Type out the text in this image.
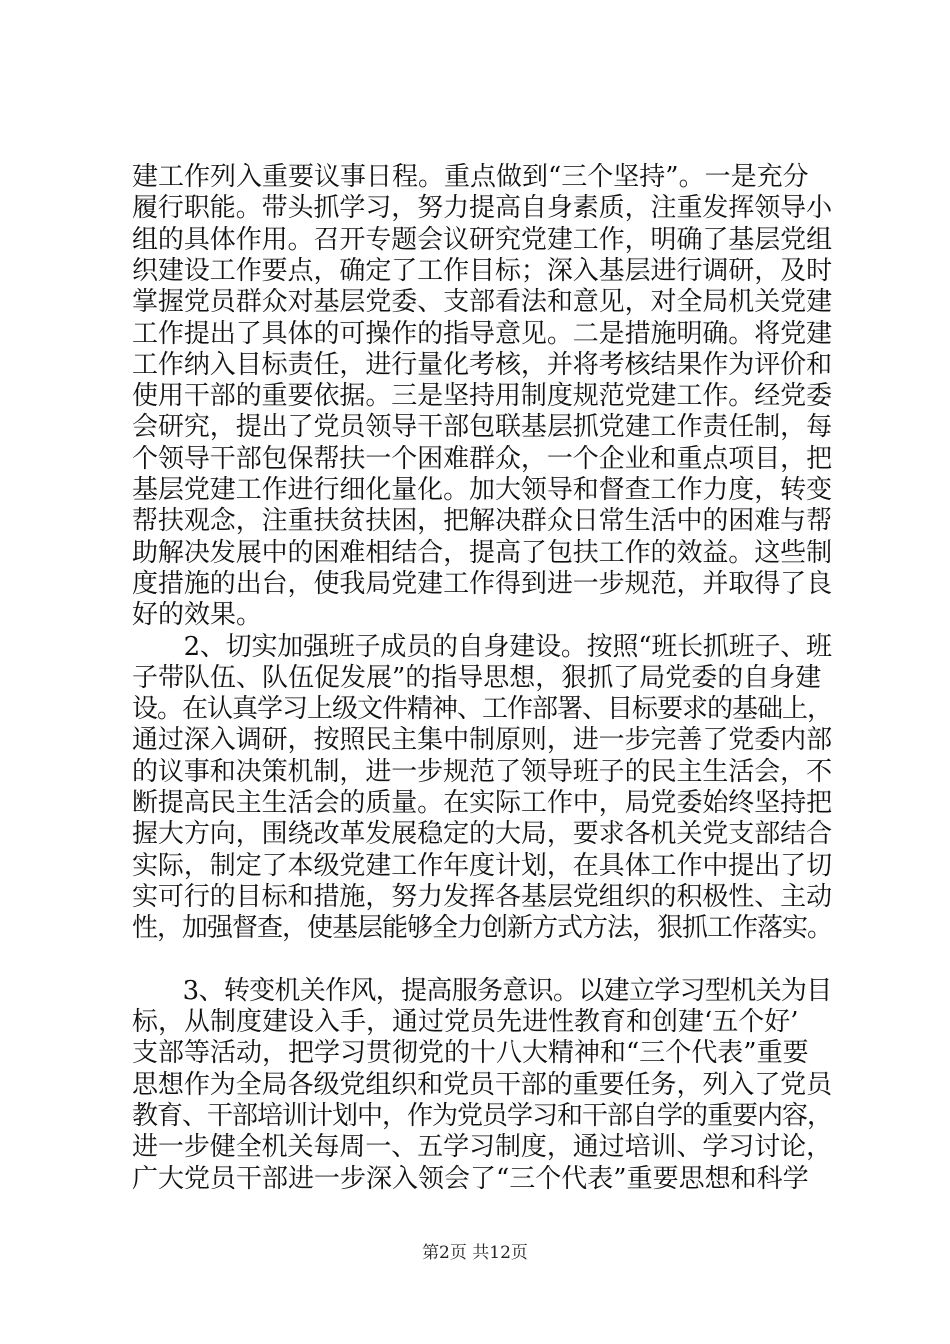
建工作列入重要议事日程。重点做到“三个坚持”。一是充分
履行职能。带头抓学习，努力提高自身素质，注重发挥领导小
组的具体作用。召开专题会议研究党建工作，明确了基层党组
织建设工作要点，确定了工作目标；深入基层进行调研，及时
掌握党员群众对基层党委、支部看法和意见，对全局机关党建
工作提出了具体的可操作的指导意见。二是措施明确。将党建
工作纳入目标责任，进行量化考核，并将考核结果作为评价和
使用干部的重要依据。三是坚持用制度规范党建工作。经党委
会研究，提出了党员领导干部包联基层抓党建工作责任制，每
个领导干部包保帮扶一个困难群众，一个企业和重点项目，把
基层党建工作进行细化量化。加大领导和督查工作力度，转变
帮扶观念，注重扶贫扶困，把解决群众日常生活中的困难与帮
助解决发展中的困难相结合，提高了包扶工作的效益。这些制
度措施的出台，使我局党建工作得到进一步规范，并取得了良
好的效果。
　　2、切实加强班子成员的自身建设。按照“班长抓班子、班
子带队伍、队伍促发展”的指导思想，狠抓了局党委的自身建
设。在认真学习上级文件精神、工作部署、目标要求的基础上，
通过深入调研，按照民主集中制原则，进一步完善了党委内部
的议事和决策机制，进一步规范了领导班子的民主生活会，不
断提高民主生活会的质量。在实际工作中，局党委始终坚持把
握大方向，围绕改革发展稳定的大局，要求各机关党支部结合
实际，制定了本级党建工作年度计划，在具体工作中提出了切
实可行的目标和措施，努力发挥各基层党组织的积极性、主动
性，加强督查，使基层能够全力创新方式方法，狠抓工作落实。
　　3、转变机关作风，提高服务意识。以建立学习型机关为目
标，从制度建设入手，通过党员先进性教育和创建‘五个好’
支部等活动，把学习贯彻党的十八大精神和“三个代表”重要
思想作为全局各级党组织和党员干部的重要任务，列入了党员
教育、干部培训计划中，作为党员学习和干部自学的重要内容，
进一步健全机关每周一、五学习制度，通过培训、学习讨论，
广大党员干部进一步深入领会了“三个代表”重要思想和科学
第2页 共12页
